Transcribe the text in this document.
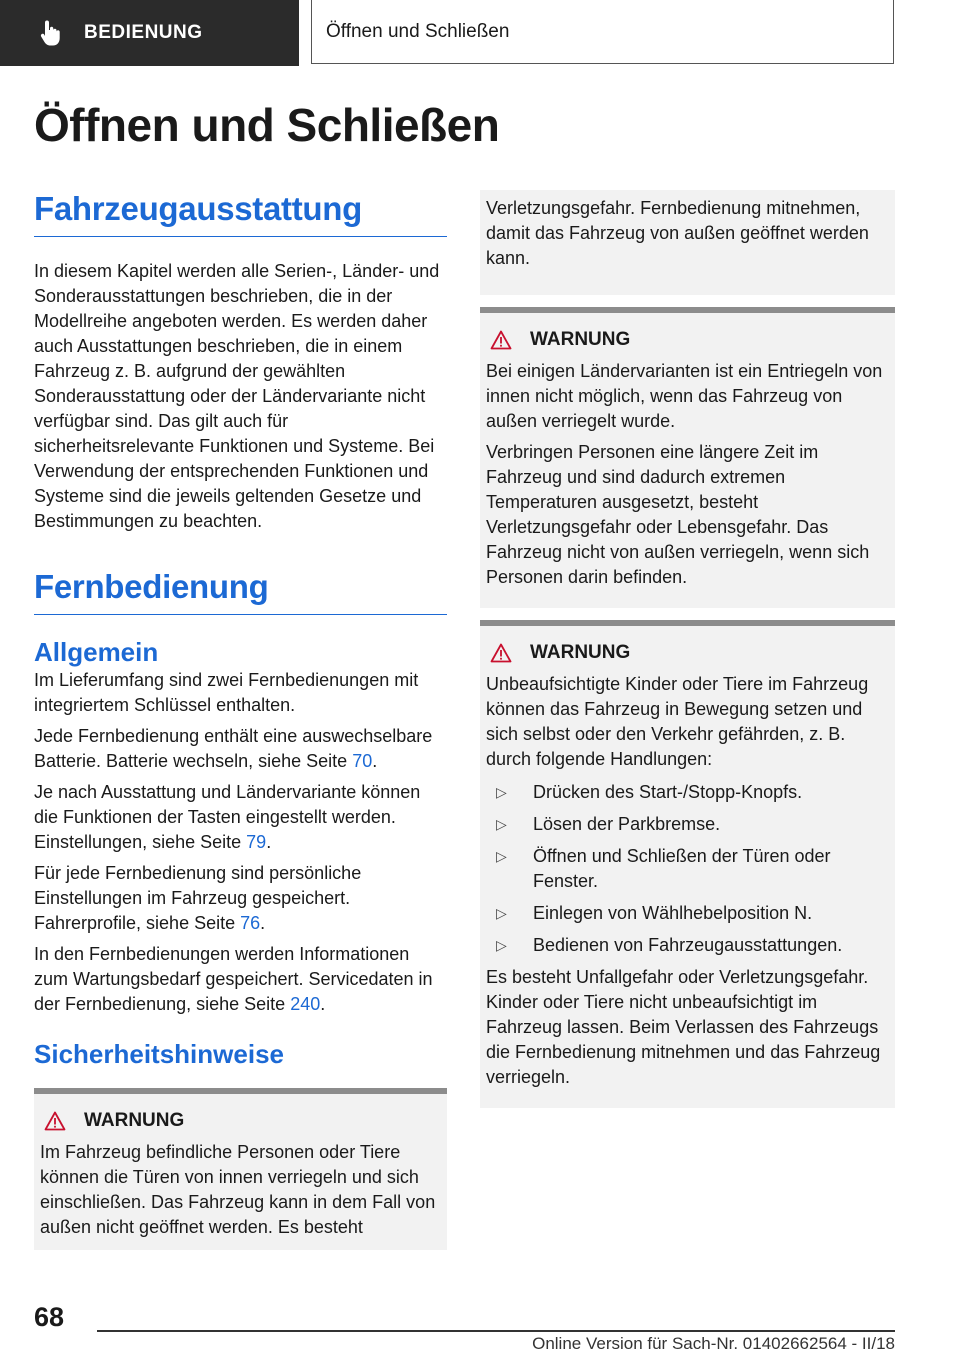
BEDIENUNG	Öffnen und Schließen
Öffnen und Schließen
Fahrzeugausstattung

In diesem Kapitel werden alle Serien-, Länder- und Sonderausstattungen beschrieben, die in der Modellreihe angeboten werden. Es werden daher auch Ausstattungen beschrieben, die in einem Fahrzeug z. B. aufgrund der gewählten Sonderausstattung oder der Ländervariante nicht verfügbar sind. Das gilt auch für sicherheitsrelevante Funktionen und Systeme. Bei Verwendung der entsprechenden Funktionen und Systeme sind die jeweils geltenden Gesetze und Bestimmungen zu beachten.

Fernbedienung
Allgemein

Im Lieferumfang sind zwei Fernbedienungen mit integriertem Schlüssel enthalten.

Jede Fernbedienung enthält eine auswechselbare Batterie. Batterie wechseln, siehe Seite 70.

Je nach Ausstattung und Ländervariante können die Funktionen der Tasten eingestellt werden. Einstellungen, siehe Seite 79.

Für jede Fernbedienung sind persönliche Einstellungen im Fahrzeug gespeichert. Fahrerprofile, siehe Seite 76.

In den Fernbedienungen werden Informationen zum Wartungsbedarf gespeichert. Servicedaten in der Fernbedienung, siehe Seite 240.

Sicherheitshinweise
WARNUNG

Im Fahrzeug befindliche Personen oder Tiere können die Türen von innen verriegeln und sich einschließen. Das Fahrzeug kann in dem Fall von außen nicht geöffnet werden. Es besteht

Verletzungsgefahr. Fernbedienung mitnehmen, damit das Fahrzeug von außen geöffnet werden kann.

WARNUNG

Bei einigen Ländervarianten ist ein Entriegeln von innen nicht möglich, wenn das Fahrzeug von außen verriegelt wurde.

Verbringen Personen eine längere Zeit im Fahrzeug und sind dadurch extremen Temperaturen ausgesetzt, besteht Verletzungsgefahr oder Lebensgefahr. Das Fahrzeug nicht von außen verriegeln, wenn sich Personen darin befinden.

WARNUNG

Unbeaufsichtigte Kinder oder Tiere im Fahrzeug können das Fahrzeug in Bewegung setzen und sich selbst oder den Verkehr gefährden, z. B. durch folgende Handlungen:

▷	Drücken des Start-/Stopp-Knopfs.
▷	Lösen der Parkbremse.
▷	Öffnen und Schließen der Türen oder Fenster.
▷	Einlegen von Wählhebelposition N.
▷	Bedienen von Fahrzeugausstattungen.

Es besteht Unfallgefahr oder Verletzungsgefahr. Kinder oder Tiere nicht unbeaufsichtigt im Fahrzeug lassen. Beim Verlassen des Fahrzeugs die Fernbedienung mitnehmen und das Fahrzeug verriegeln.

68
Online Version für Sach-Nr. 01402662564 - II/18
